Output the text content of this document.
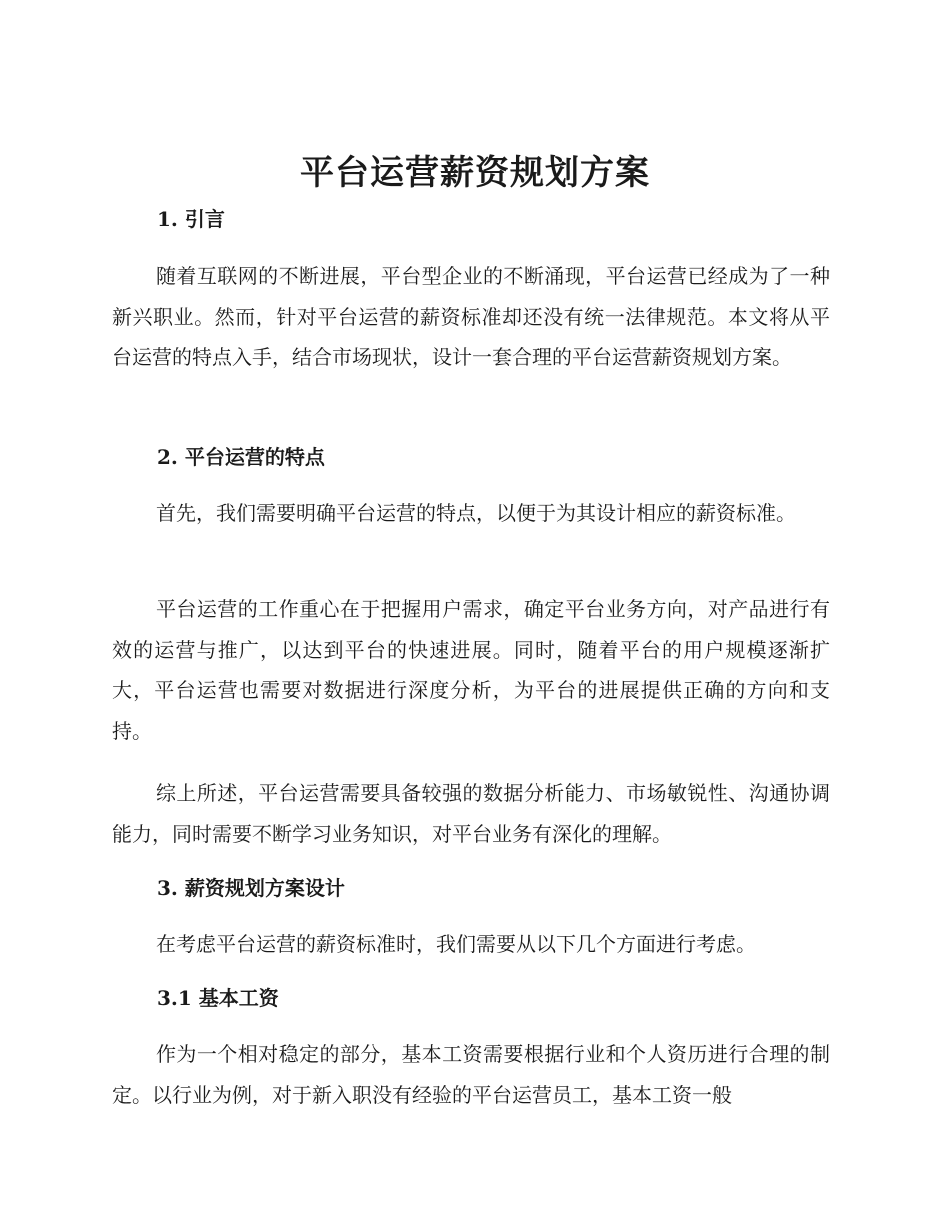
平台运营薪资规划方案
1. 引言

随着互联网的不断进展，平台型企业的不断涌现，平台运营已经成为了一种新兴职业。然而，针对平台运营的薪资标准却还没有统一法律规范。本文将从平台运营的特点入手，结合市场现状，设计一套合理的平台运营薪资规划方案。

2. 平台运营的特点

首先，我们需要明确平台运营的特点，以便于为其设计相应的薪资标准。

平台运营的工作重心在于把握用户需求，确定平台业务方向，对产品进行有效的运营与推广，以达到平台的快速进展。同时，随着平台的用户规模逐渐扩大，平台运营也需要对数据进行深度分析，为平台的进展提供正确的方向和支持。

综上所述，平台运营需要具备较强的数据分析能力、市场敏锐性、沟通协调能力，同时需要不断学习业务知识，对平台业务有深化的理解。

3. 薪资规划方案设计

在考虑平台运营的薪资标准时，我们需要从以下几个方面进行考虑。

3.1 基本工资

作为一个相对稳定的部分，基本工资需要根据行业和个人资历进行合理的制定。以行业为例，对于新入职没有经验的平台运营员工，基本工资一般
